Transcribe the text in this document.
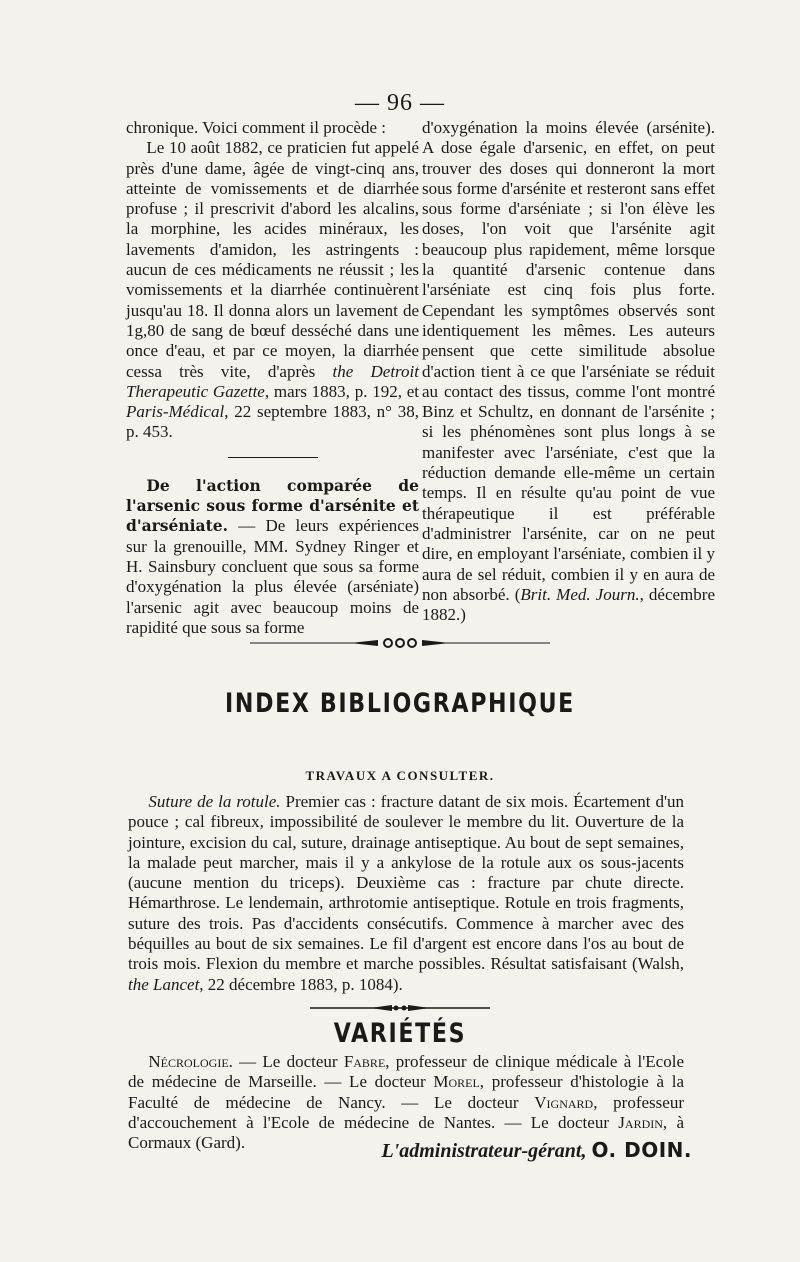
— 96 —

chronique. Voici comment il procède :

Le 10 août 1882, ce praticien fut appelé près d'une dame, âgée de vingt-cinq ans, atteinte de vomissements et de diarrhée profuse ; il prescrivit d'abord les alcalins, la morphine, les acides minéraux, les lavements d'amidon, les astringents : aucun de ces médicaments ne réussit ; les vomissements et la diarrhée continuèrent jusqu'au 18. Il donna alors un lavement de 1g,80 de sang de bœuf desséché dans une once d'eau, et par ce moyen, la diarrhée cessa très vite, d'après the Detroit Therapeutic Gazette, mars 1883, p. 192, et Paris-Médical, 22 septembre 1883, n° 38, p. 453.

De l'action comparée de l'arsenic sous forme d'arsénite et d'arséniate. — De leurs expériences sur la grenouille, MM. Sydney Ringer et H. Sainsbury concluent que sous sa forme d'oxygénation la plus élevée (arséniate) l'arsenic agit avec beaucoup moins de rapidité que sous sa forme

d'oxygénation la moins élevée (arsénite). A dose égale d'arsenic, en effet, on peut trouver des doses qui donneront la mort sous forme d'arsénite et resteront sans effet sous forme d'arséniate ; si l'on élève les doses, l'on voit que l'arsénite agit beaucoup plus rapidement, même lorsque la quantité d'arsenic contenue dans l'arséniate est cinq fois plus forte. Cependant les symptômes observés sont identiquement les mêmes. Les auteurs pensent que cette similitude absolue d'action tient à ce que l'arséniate se réduit au contact des tissus, comme l'ont montré Binz et Schultz, en donnant de l'arsénite ; si les phénomènes sont plus longs à se manifester avec l'arséniate, c'est que la réduction demande elle-même un certain temps. Il en résulte qu'au point de vue thérapeutique il est préférable d'administrer l'arsénite, car on ne peut dire, en employant l'arséniate, combien il y aura de sel réduit, combien il y en aura de non absorbé. (Brit. Med. Journ., décembre 1882.)

INDEX BIBLIOGRAPHIQUE
TRAVAUX A CONSULTER.

Suture de la rotule. Premier cas : fracture datant de six mois. Écartement d'un pouce ; cal fibreux, impossibilité de soulever le membre du lit. Ouverture de la jointure, excision du cal, suture, drainage antiseptique. Au bout de sept semaines, la malade peut marcher, mais il y a ankylose de la rotule aux os sous-jacents (aucune mention du triceps). Deuxième cas : fracture par chute directe. Hémarthrose. Le lendemain, arthrotomie antiseptique. Rotule en trois fragments, suture des trois. Pas d'accidents consécutifs. Commence à marcher avec des béquilles au bout de six semaines. Le fil d'argent est encore dans l'os au bout de trois mois. Flexion du membre et marche possibles. Résultat satisfaisant (Walsh, the Lancet, 22 décembre 1883, p. 1084).

VARIÉTÉS

Nécrologie. — Le docteur Fabre, professeur de clinique médicale à l'Ecole de médecine de Marseille. — Le docteur Morel, professeur d'histologie à la Faculté de médecine de Nancy. — Le docteur Vignard, professeur d'accouchement à l'Ecole de médecine de Nantes. — Le docteur Jardin, à Cormaux (Gard).	L'administrateur-gérant, O. DOIN.
